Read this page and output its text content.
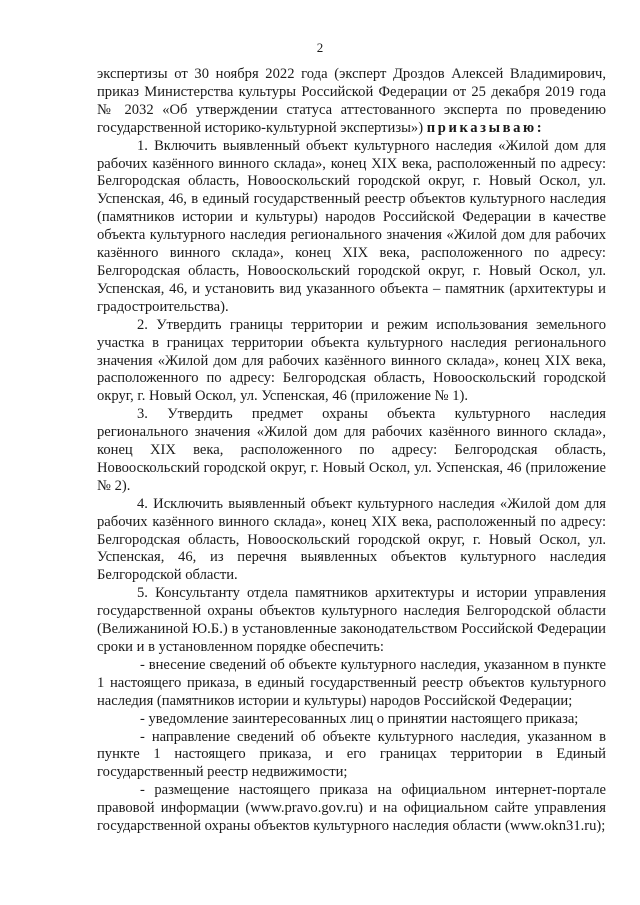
2

экспертизы от 30 ноября 2022 года (эксперт Дроздов Алексей Владимирович, приказ Министерства культуры Российской Федерации от 25 декабря 2019 года № 2032 «Об утверждении статуса аттестованного эксперта по проведению государственной историко-культурной экспертизы») приказываю:

1. Включить выявленный объект культурного наследия «Жилой дом для рабочих казённого винного склада», конец XIX века, расположенный по адресу: Белгородская область, Новооскольский городской округ, г. Новый Оскол, ул. Успенская, 46, в единый государственный реестр объектов культурного наследия (памятников истории и культуры) народов Российской Федерации в качестве объекта культурного наследия регионального значения «Жилой дом для рабочих казённого винного склада», конец XIX века, расположенного по адресу: Белгородская область, Новооскольский городской округ, г. Новый Оскол, ул. Успенская, 46, и установить вид указанного объекта – памятник (архитектуры и градостроительства).

2. Утвердить границы территории и режим использования земельного участка в границах территории объекта культурного наследия регионального значения «Жилой дом для рабочих казённого винного склада», конец XIX века, расположенного по адресу: Белгородская область, Новооскольский городской округ, г. Новый Оскол, ул. Успенская, 46 (приложение № 1).

3. Утвердить предмет охраны объекта культурного наследия регионального значения «Жилой дом для рабочих казённого винного склада», конец XIX века, расположенного по адресу: Белгородская область, Новооскольский городской округ, г. Новый Оскол, ул. Успенская, 46 (приложение № 2).

4. Исключить выявленный объект культурного наследия «Жилой дом для рабочих казённого винного склада», конец XIX века, расположенный по адресу: Белгородская область, Новооскольский городской округ, г. Новый Оскол, ул. Успенская, 46, из перечня выявленных объектов культурного наследия Белгородской области.

5. Консультанту отдела памятников архитектуры и истории управления государственной охраны объектов культурного наследия Белгородской области (Велижаниной Ю.Б.) в установленные законодательством Российской Федерации сроки и в установленном порядке обеспечить:

- внесение сведений об объекте культурного наследия, указанном в пункте 1 настоящего приказа, в единый государственный реестр объектов культурного наследия (памятников истории и культуры) народов Российской Федерации;

- уведомление заинтересованных лиц о принятии настоящего приказа;

- направление сведений об объекте культурного наследия, указанном в пункте 1 настоящего приказа, и его границах территории в Единый государственный реестр недвижимости;

- размещение настоящего приказа на официальном интернет-портале правовой информации (www.pravo.gov.ru) и на официальном сайте управления государственной охраны объектов культурного наследия области (www.okn31.ru);
